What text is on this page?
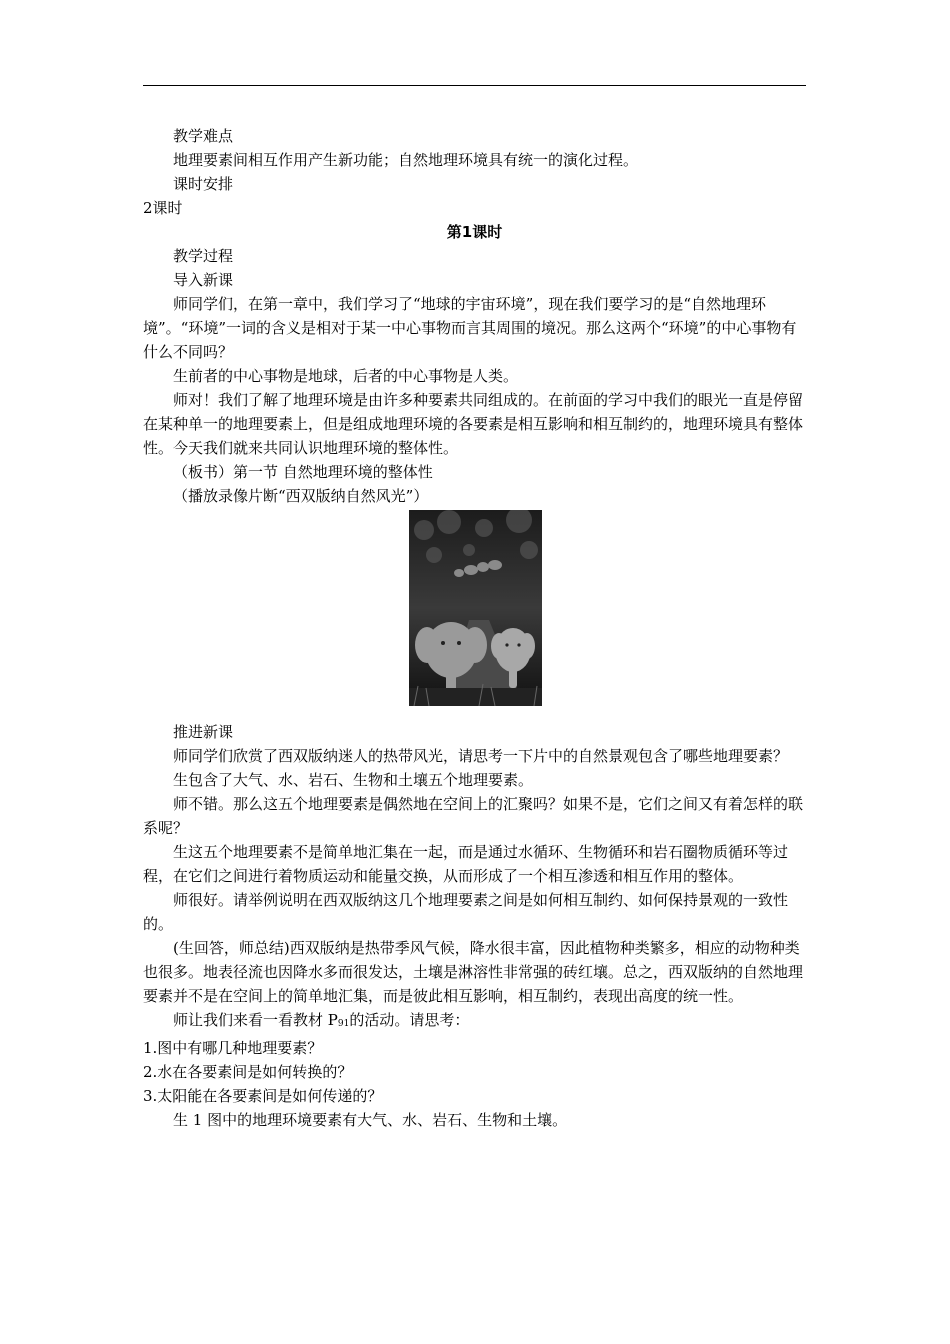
教学难点

地理要素间相互作用产生新功能；自然地理环境具有统一的演化过程。

课时安排

2课时

第1课时

教学过程

导入新课

师同学们，在第一章中，我们学习了“地球的宇宙环境”，现在我们要学习的是“自然地理环境”。“环境”一词的含义是相对于某一中心事物而言其周围的境况。那么这两个“环境”的中心事物有什么不同吗？

生前者的中心事物是地球，后者的中心事物是人类。

师对！我们了解了地理环境是由许多种要素共同组成的。在前面的学习中我们的眼光一直是停留在某种单一的地理要素上，但是组成地理环境的各要素是相互影响和相互制约的，地理环境具有整体性。今天我们就来共同认识地理环境的整体性。

（板书）第一节 自然地理环境的整体性

（播放录像片断“西双版纳自然风光”）

推进新课

师同学们欣赏了西双版纳迷人的热带风光，请思考一下片中的自然景观包含了哪些地理要素？

生包含了大气、水、岩石、生物和土壤五个地理要素。

师不错。那么这五个地理要素是偶然地在空间上的汇聚吗？如果不是，它们之间又有着怎样的联系呢？

生这五个地理要素不是简单地汇集在一起，而是通过水循环、生物循环和岩石圈物质循环等过程，在它们之间进行着物质运动和能量交换，从而形成了一个相互渗透和相互作用的整体。

师很好。请举例说明在西双版纳这几个地理要素之间是如何相互制约、如何保持景观的一致性的。

(生回答，师总结)西双版纳是热带季风气候，降水很丰富，因此植物种类繁多，相应的动物种类也很多。地表径流也因降水多而很发达，土壤是淋溶性非常强的砖红壤。总之，西双版纳的自然地理要素并不是在空间上的简单地汇集，而是彼此相互影响，相互制约，表现出高度的统一性。

师让我们来看一看教材 $P_{91}$的活动。请思考：

1.图中有哪几种地理要素？

2.水在各要素间是如何转换的？

3.太阳能在各要素间是如何传递的？

生 1 图中的地理环境要素有大气、水、岩石、生物和土壤。
